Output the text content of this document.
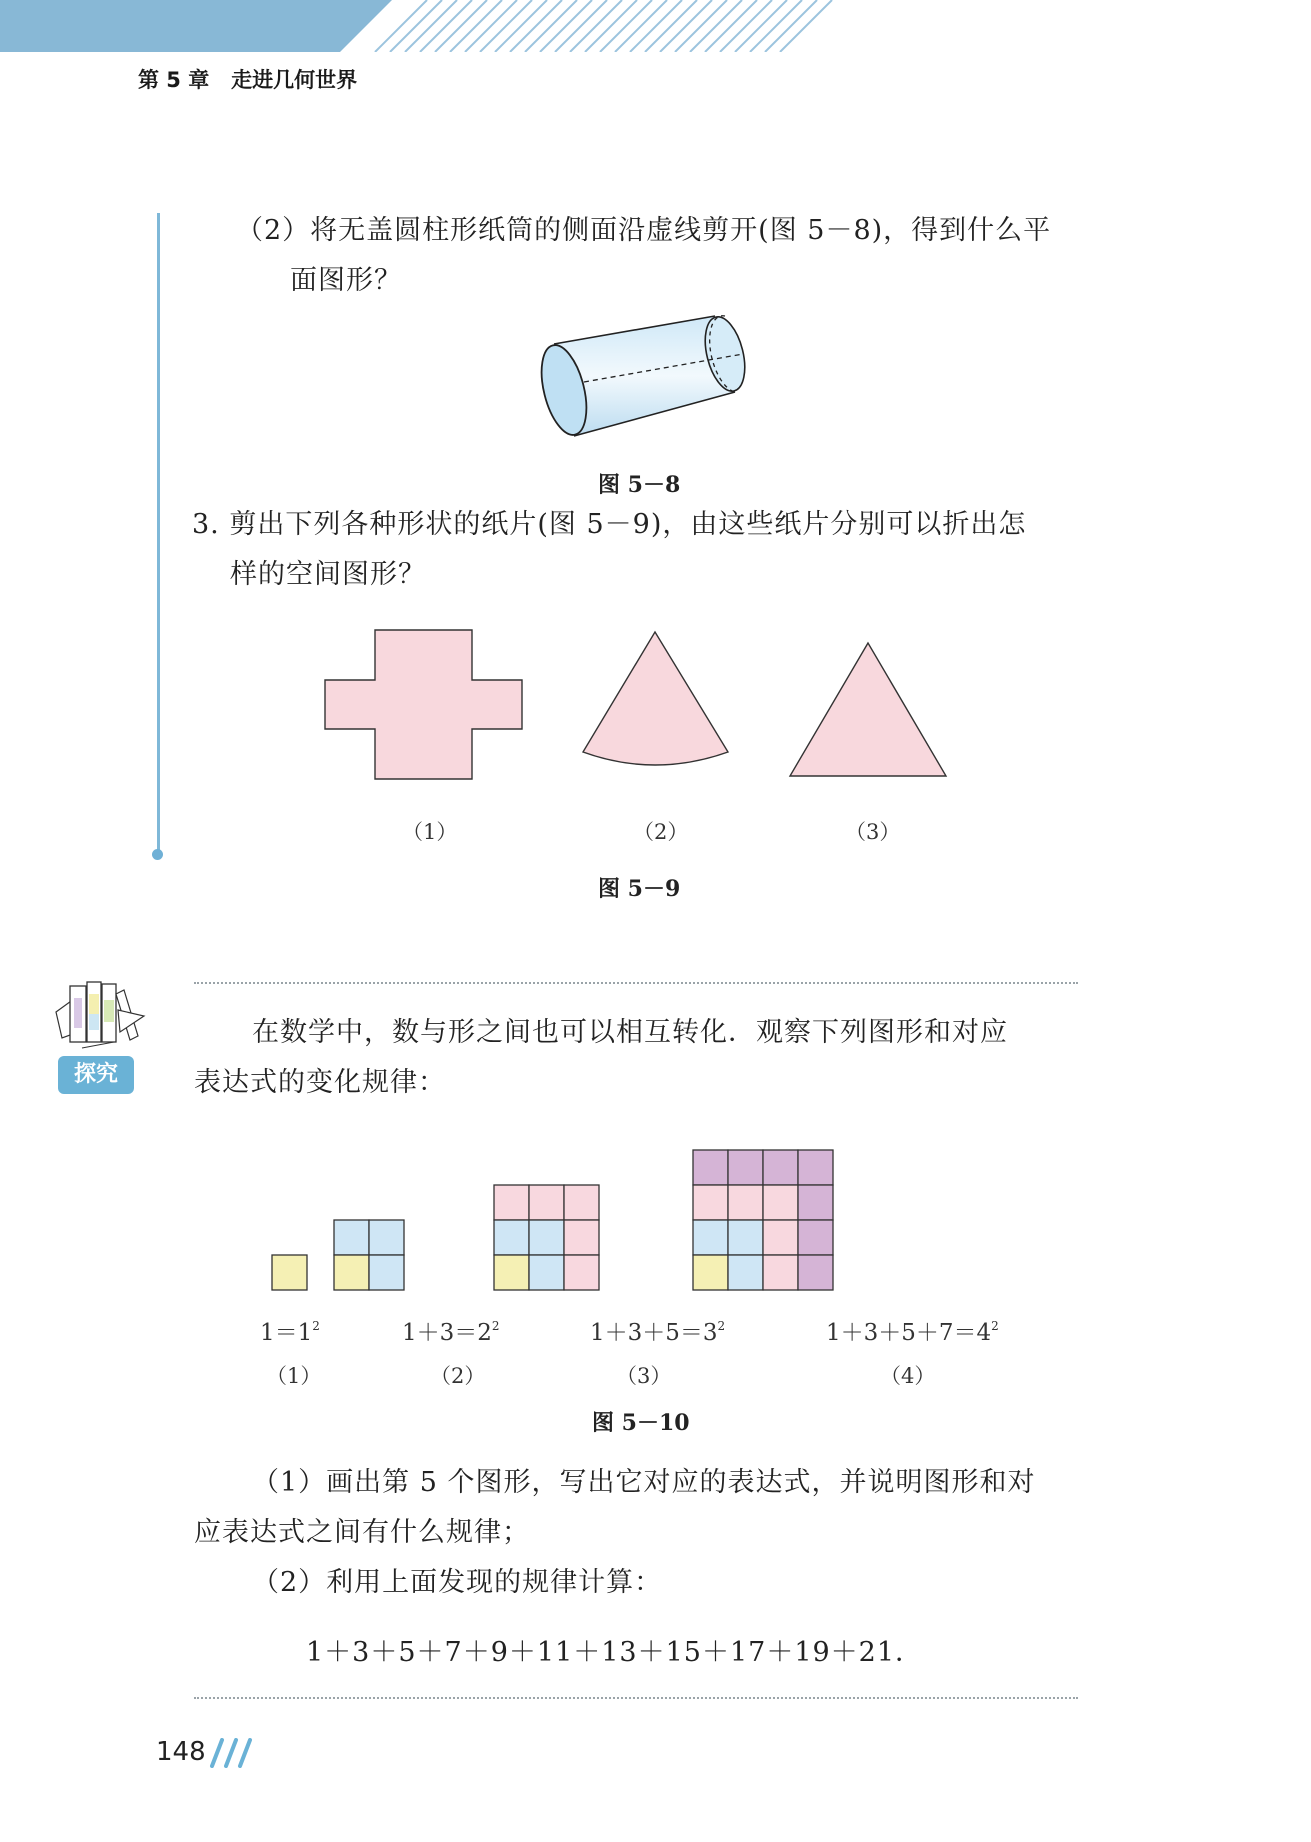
第 5 章 走进几何世界
（2）将无盖圆柱形纸筒的侧面沿虚线剪开(图 5－8)，得到什么平
面图形？
图 5－8
3. 剪出下列各种形状的纸片(图 5－9)，由这些纸片分别可以折出怎
样的空间图形？
（1）	（2）	（3）
图 5－9
探究
在数学中，数与形之间也可以相互转化．观察下列图形和对应
表达式的变化规律：
$1=1^2$	$1+3=2^2$	$1+3+5=3^2$	$1+3+5+7=4^2$
（1）	（2）	（3）	（4）
图 5－10
（1）画出第 5 个图形，写出它对应的表达式，并说明图形和对
应表达式之间有什么规律；
（2）利用上面发现的规律计算：
1＋3＋5＋7＋9＋11＋13＋15＋17＋19＋21．
148
